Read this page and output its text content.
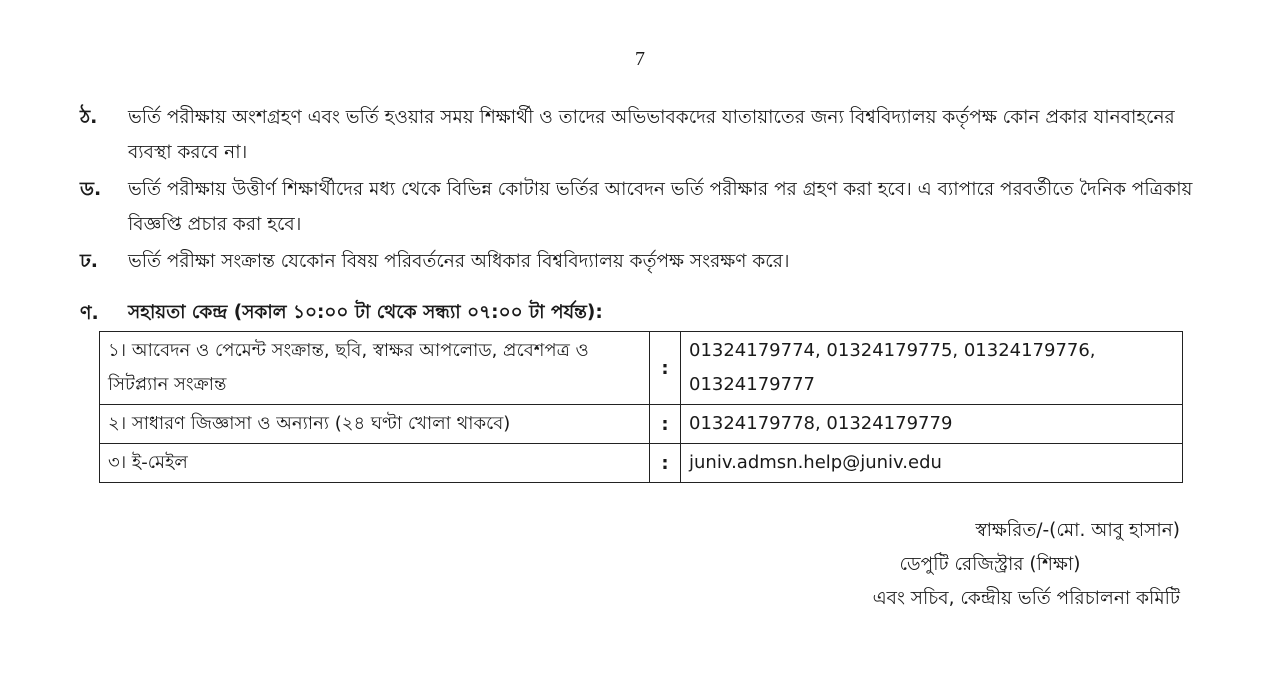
7
ঠ.	ভর্তি পরীক্ষায় অংশগ্রহণ এবং ভর্তি হওয়ার সময় শিক্ষার্থী ও তাদের অভিভাবকদের যাতায়াতের জন্য বিশ্ববিদ্যালয় কর্তৃপক্ষ কোন প্রকার যানবাহনের ব্যবস্থা করবে না।
ড.	ভর্তি পরীক্ষায় উত্তীর্ণ শিক্ষার্থীদের মধ্য থেকে বিভিন্ন কোটায় ভর্তির আবেদন ভর্তি পরীক্ষার পর গ্রহণ করা হবে। এ ব্যাপারে পরবর্তীতে দৈনিক পত্রিকায় বিজ্ঞপ্তি প্রচার করা হবে।
ঢ.	ভর্তি পরীক্ষা সংক্রান্ত যেকোন বিষয় পরিবর্তনের অধিকার বিশ্ববিদ্যালয় কর্তৃপক্ষ সংরক্ষণ করে।
ণ.	সহায়তা কেন্দ্র (সকাল ১০:০০ টা থেকে সন্ধ্যা ০৭:০০ টা পর্যন্ত):
১। আবেদন ও পেমেন্ট সংক্রান্ত, ছবি, স্বাক্ষর আপলোড, প্রবেশপত্র ও সিটপ্ল্যান সংক্রান্ত	:	01324179774, 01324179775, 01324179776, 01324179777
২। সাধারণ জিজ্ঞাসা ও অন্যান্য (২৪ ঘণ্টা খোলা থাকবে)	:	01324179778, 01324179779
৩। ই-মেইল	:	juniv.admsn.help@juniv.edu
স্বাক্ষরিত/-(মো. আবু হাসান)
ডেপুটি রেজিস্ট্রার (শিক্ষা)
এবং সচিব, কেন্দ্রীয় ভর্তি পরিচালনা কমিটি
